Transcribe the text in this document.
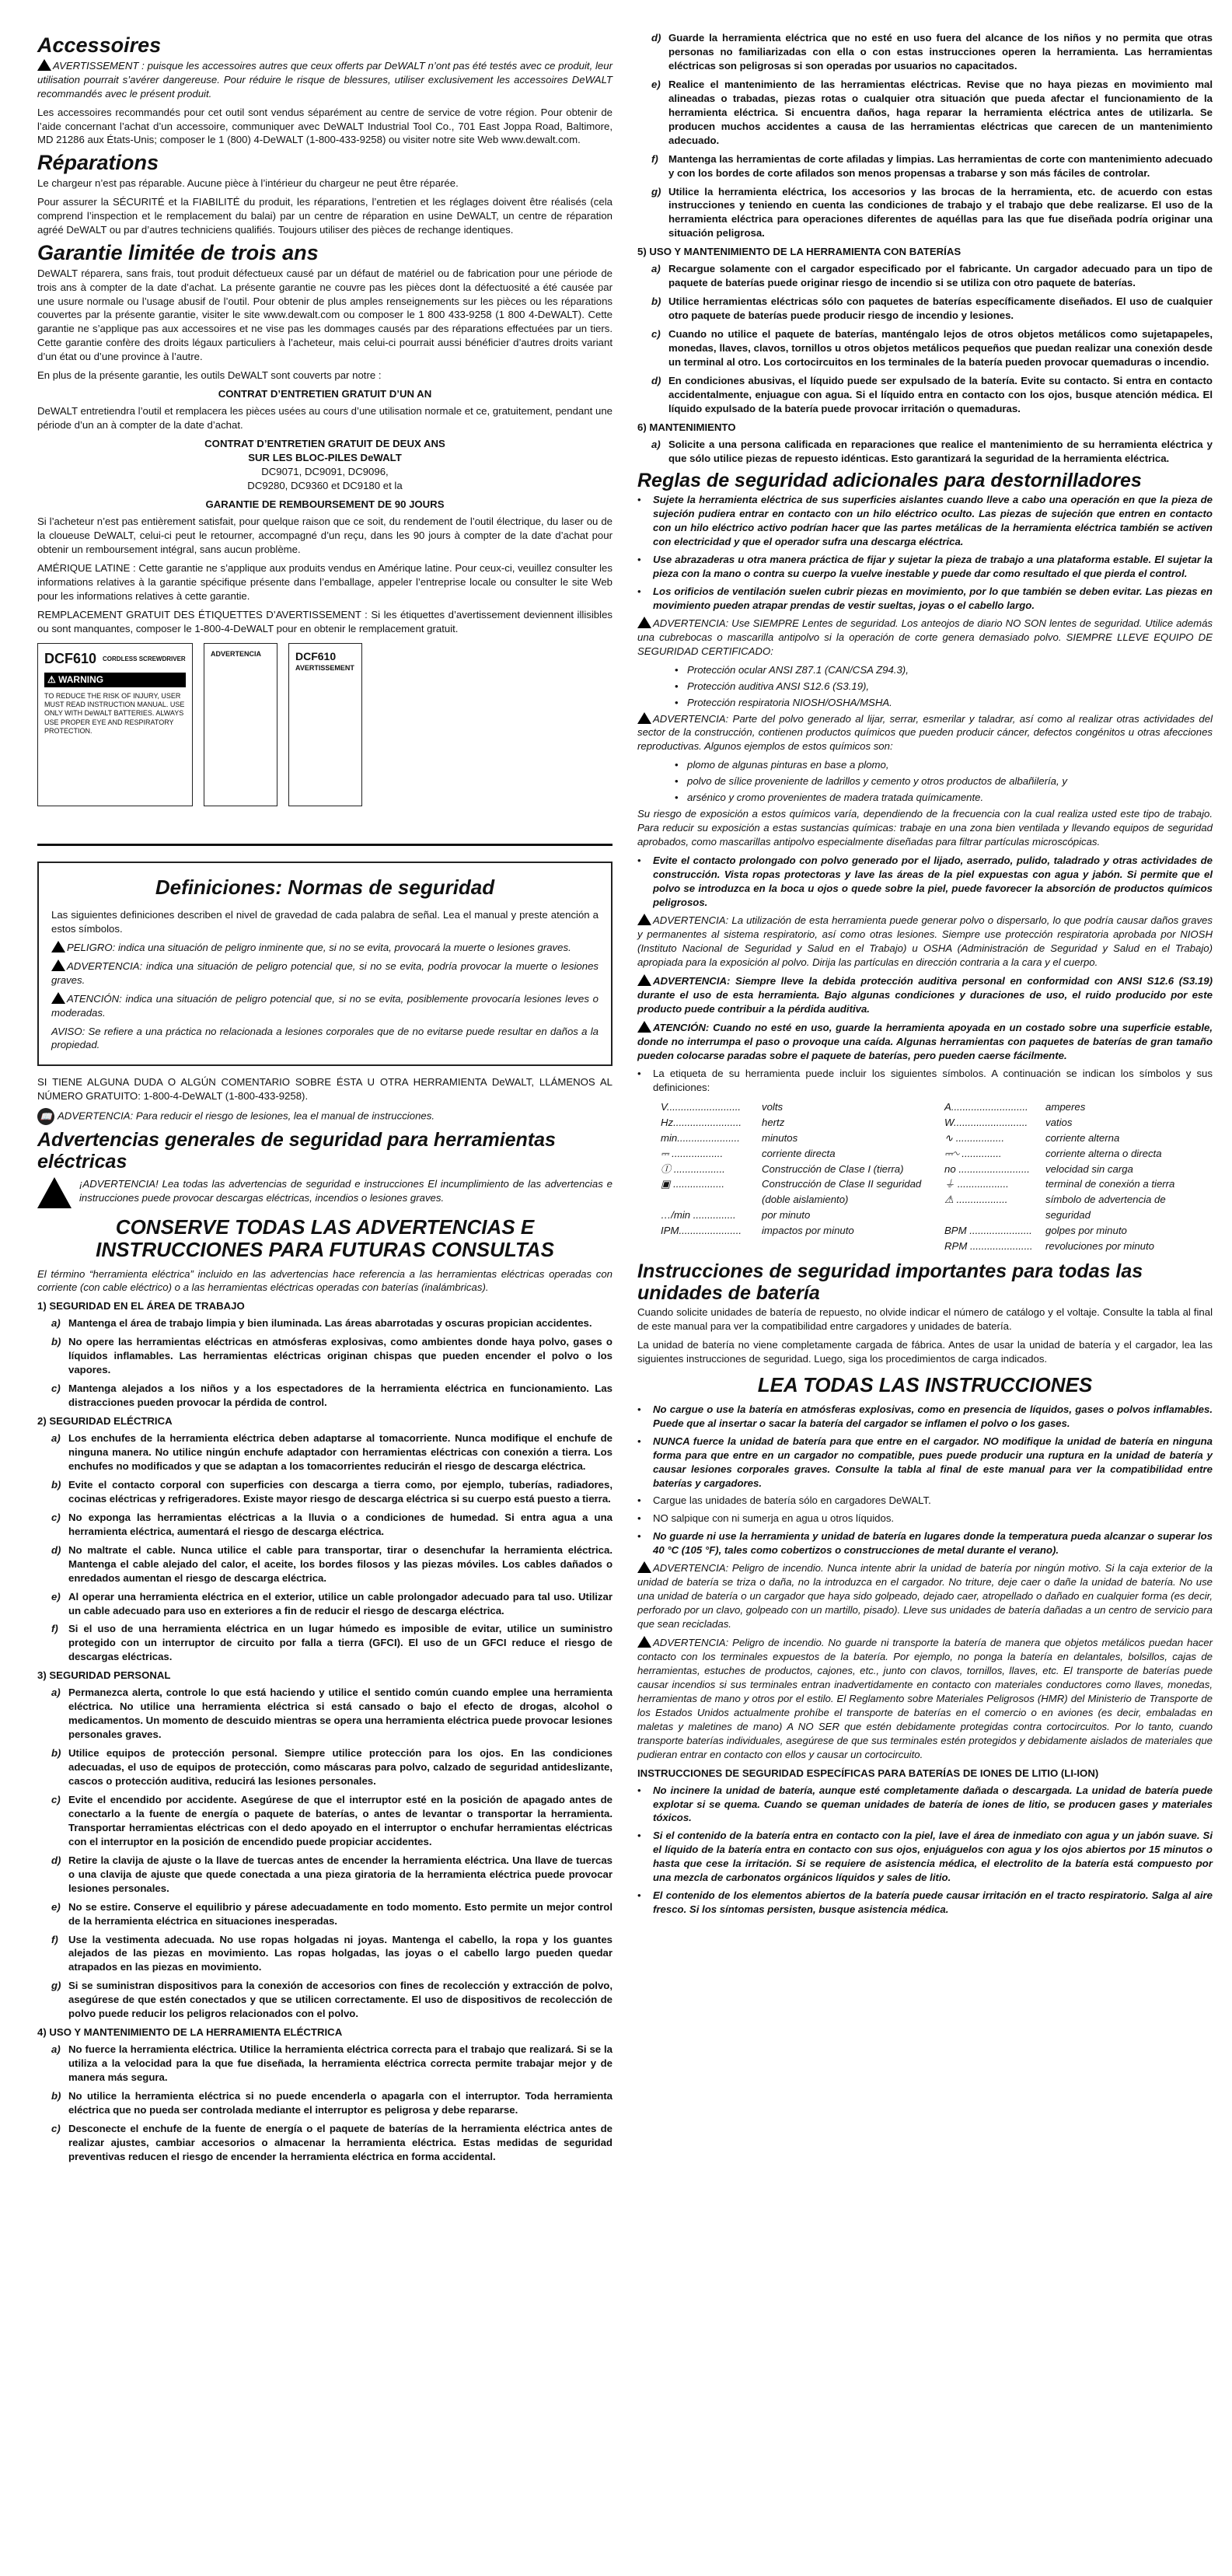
Accessoires

AVERTISSEMENT : puisque les accessoires autres que ceux offerts par DeWALT n’ont pas été testés avec ce produit, leur utilisation pourrait s’avérer dangereuse. Pour réduire le risque de blessures, utiliser exclusivement les accessoires DeWALT recommandés avec le présent produit.

Les accessoires recommandés pour cet outil sont vendus séparément au centre de service de votre région. Pour obtenir de l’aide concernant l’achat d’un accessoire, communiquer avec DeWALT Industrial Tool Co., 701 East Joppa Road, Baltimore, MD 21286 aux États-Unis; composer le 1 (800) 4-DeWALT (1-800-433-9258) ou visiter notre site Web www.dewalt.com.

Réparations

Le chargeur n’est pas réparable. Aucune pièce à l’intérieur du chargeur ne peut être réparée.

Pour assurer la SÉCURITÉ et la FIABILITÉ du produit, les réparations, l’entretien et les réglages doivent être réalisés (cela comprend l’inspection et le remplacement du balai) par un centre de réparation en usine DeWALT, un centre de réparation agréé DeWALT ou par d’autres techniciens qualifiés. Toujours utiliser des pièces de rechange identiques.

Garantie limitée de trois ans

DeWALT réparera, sans frais, tout produit défectueux causé par un défaut de matériel ou de fabrication pour une période de trois ans à compter de la date d’achat. La présente garantie ne couvre pas les pièces dont la défectuosité a été causée par une usure normale ou l’usage abusif de l’outil. Pour obtenir de plus amples renseignements sur les pièces ou les réparations couvertes par la présente garantie, visiter le site www.dewalt.com ou composer le 1 800 433-9258 (1 800 4-DeWALT). Cette garantie ne s’applique pas aux accessoires et ne vise pas les dommages causés par des réparations effectuées par un tiers. Cette garantie confère des droits légaux particuliers à l’acheteur, mais celui-ci pourrait aussi bénéficier d’autres droits variant d’un état ou d’une province à l’autre.

En plus de la présente garantie, les outils DeWALT sont couverts par notre :

CONTRAT D’ENTRETIEN GRATUIT D’UN AN

DeWALT entretiendra l’outil et remplacera les pièces usées au cours d’une utilisation normale et ce, gratuitement, pendant une période d’un an à compter de la date d’achat.

CONTRAT D’ENTRETIEN GRATUIT DE DEUX ANS
SUR LES BLOC-PILES DeWALT
DC9071, DC9091, DC9096,
DC9280, DC9360 et DC9180 et la
GARANTIE DE REMBOURSEMENT DE 90 JOURS

Si l’acheteur n’est pas entièrement satisfait, pour quelque raison que ce soit, du rendement de l’outil électrique, du laser ou de la cloueuse DeWALT, celui-ci peut le retourner, accompagné d’un reçu, dans les 90 jours à compter de la date d’achat pour obtenir un remboursement intégral, sans aucun problème.

AMÉRIQUE LATINE : Cette garantie ne s’applique aux produits vendus en Amérique latine. Pour ceux-ci, veuillez consulter les informations relatives à la garantie spécifique présente dans l’emballage, appeler l’entreprise locale ou consulter le site Web pour les informations relatives à cette garantie.

REMPLACEMENT GRATUIT DES ÉTIQUETTES D’AVERTISSEMENT : Si les étiquettes d’avertissement deviennent illisibles ou sont manquantes, composer le 1-800-4-DeWALT pour en obtenir le remplacement gratuit.

DCF610 CORDLESS SCREWDRIVER
⚠ WARNING
TO REDUCE THE RISK OF INJURY, USER MUST READ INSTRUCTION MANUAL. USE ONLY WITH DeWALT BATTERIES. ALWAYS USE PROPER EYE AND RESPIRATORY PROTECTION.
ADVERTENCIA	DCF610
AVERTISSEMENT
Definiciones: Normas de seguridad

Las siguientes definiciones describen el nivel de gravedad de cada palabra de señal. Lea el manual y preste atención a estos símbolos.

PELIGRO: indica una situación de peligro inminente que, si no se evita, provocará la muerte o lesiones graves.

ADVERTENCIA: indica una situación de peligro potencial que, si no se evita, podría provocar la muerte o lesiones graves.

ATENCIÓN: indica una situación de peligro potencial que, si no se evita, posiblemente provocaría lesiones leves o moderadas.

AVISO: Se refiere a una práctica no relacionada a lesiones corporales que de no evitarse puede resultar en daños a la propiedad.

SI TIENE ALGUNA DUDA O ALGÚN COMENTARIO SOBRE ÉSTA U OTRA HERRAMIENTA DeWALT, LLÁMENOS AL NÚMERO GRATUITO: 1-800-4-DeWALT (1-800-433-9258).

📖 ADVERTENCIA: Para reducir el riesgo de lesiones, lea el manual de instrucciones.

Advertencias generales de seguridad para herramientas eléctricas

¡ADVERTENCIA! Lea todas las advertencias de seguridad e instrucciones El incumplimiento de las advertencias e instrucciones puede provocar descargas eléctricas, incendios o lesiones graves.

CONSERVE TODAS LAS ADVERTENCIAS E INSTRUCCIONES PARA FUTURAS CONSULTAS

El término “herramienta eléctrica” incluido en las advertencias hace referencia a las herramientas eléctricas operadas con corriente (con cable eléctrico) o a las herramientas eléctricas operadas con baterías (inalámbricas).

1) SEGURIDAD EN EL ÁREA DE TRABAJO
a) Mantenga el área de trabajo limpia y bien iluminada. Las áreas abarrotadas y oscuras propician accidentes.
b) No opere las herramientas eléctricas en atmósferas explosivas, como ambientes donde haya polvo, gases o líquidos inflamables. Las herramientas eléctricas originan chispas que pueden encender el polvo o los vapores.
c) Mantenga alejados a los niños y a los espectadores de la herramienta eléctrica en funcionamiento. Las distracciones pueden provocar la pérdida de control.
2) SEGURIDAD ELÉCTRICA
a) Los enchufes de la herramienta eléctrica deben adaptarse al tomacorriente. Nunca modifique el enchufe de ninguna manera. No utilice ningún enchufe adaptador con herramientas eléctricas con conexión a tierra. Los enchufes no modificados y que se adaptan a los tomacorrientes reducirán el riesgo de descarga eléctrica.
b) Evite el contacto corporal con superficies con descarga a tierra como, por ejemplo, tuberías, radiadores, cocinas eléctricas y refrigeradores. Existe mayor riesgo de descarga eléctrica si su cuerpo está puesto a tierra.
c) No exponga las herramientas eléctricas a la lluvia o a condiciones de humedad. Si entra agua a una herramienta eléctrica, aumentará el riesgo de descarga eléctrica.
d) No maltrate el cable. Nunca utilice el cable para transportar, tirar o desenchufar la herramienta eléctrica. Mantenga el cable alejado del calor, el aceite, los bordes filosos y las piezas móviles. Los cables dañados o enredados aumentan el riesgo de descarga eléctrica.
e) Al operar una herramienta eléctrica en el exterior, utilice un cable prolongador adecuado para tal uso. Utilizar un cable adecuado para uso en exteriores a fin de reducir el riesgo de descarga eléctrica.
f)	Si el uso de una herramienta eléctrica en un lugar húmedo es imposible de evitar, utilice un suministro protegido con un interruptor de circuito por falla a tierra (GFCI). El uso de un GFCI reduce el riesgo de descargas eléctricas.
3) SEGURIDAD PERSONAL
a) Permanezca alerta, controle lo que está haciendo y utilice el sentido común cuando emplee una herramienta eléctrica. No utilice una herramienta eléctrica si está cansado o bajo el efecto de drogas, alcohol o medicamentos. Un momento de descuido mientras se opera una herramienta eléctrica puede provocar lesiones personales graves.
b) Utilice equipos de protección personal. Siempre utilice protección para los ojos. En las condiciones adecuadas, el uso de equipos de protección, como máscaras para polvo, calzado de seguridad antideslizante, cascos o protección auditiva, reducirá las lesiones personales.
c) Evite el encendido por accidente. Asegúrese de que el interruptor esté en la posición de apagado antes de conectarlo a la fuente de energía o paquete de baterías, o antes de levantar o transportar la herramienta. Transportar herramientas eléctricas con el dedo apoyado en el interruptor o enchufar herramientas eléctricas con el interruptor en la posición de encendido puede propiciar accidentes.
d) Retire la clavija de ajuste o la llave de tuercas antes de encender la herramienta eléctrica. Una llave de tuercas o una clavija de ajuste que quede conectada a una pieza giratoria de la herramienta eléctrica puede provocar lesiones personales.
e) No se estire. Conserve el equilibrio y párese adecuadamente en todo momento. Esto permite un mejor control de la herramienta eléctrica en situaciones inesperadas.
f)	Use la vestimenta adecuada. No use ropas holgadas ni joyas. Mantenga el cabello, la ropa y los guantes alejados de las piezas en movimiento. Las ropas holgadas, las joyas o el cabello largo pueden quedar atrapados en las piezas en movimiento.
g) Si se suministran dispositivos para la conexión de accesorios con fines de recolección y extracción de polvo, asegúrese de que estén conectados y que se utilicen correctamente. El uso de dispositivos de recolección de polvo puede reducir los peligros relacionados con el polvo.
4) USO Y MANTENIMIENTO DE LA HERRAMIENTA ELÉCTRICA
a) No fuerce la herramienta eléctrica. Utilice la herramienta eléctrica correcta para el trabajo que realizará. Si se la utiliza a la velocidad para la que fue diseñada, la herramienta eléctrica correcta permite trabajar mejor y de manera más segura.
b) No utilice la herramienta eléctrica si no puede encenderla o apagarla con el interruptor. Toda herramienta eléctrica que no pueda ser controlada mediante el interruptor es peligrosa y debe repararse.
c) Desconecte el enchufe de la fuente de energía o el paquete de baterías de la herramienta eléctrica antes de realizar ajustes, cambiar accesorios o almacenar la herramienta eléctrica. Estas medidas de seguridad preventivas reducen el riesgo de encender la herramienta eléctrica en forma accidental.
d) Guarde la herramienta eléctrica que no esté en uso fuera del alcance de los niños y no permita que otras personas no familiarizadas con ella o con estas instrucciones operen la herramienta. Las herramientas eléctricas son peligrosas si son operadas por usuarios no capacitados.
e) Realice el mantenimiento de las herramientas eléctricas. Revise que no haya piezas en movimiento mal alineadas o trabadas, piezas rotas o cualquier otra situación que pueda afectar el funcionamiento de la herramienta eléctrica. Si encuentra daños, haga reparar la herramienta eléctrica antes de utilizarla. Se producen muchos accidentes a causa de las herramientas eléctricas que carecen de un mantenimiento adecuado.
f)	Mantenga las herramientas de corte afiladas y limpias. Las herramientas de corte con mantenimiento adecuado y con los bordes de corte afilados son menos propensas a trabarse y son más fáciles de controlar.
g) Utilice la herramienta eléctrica, los accesorios y las brocas de la herramienta, etc. de acuerdo con estas instrucciones y teniendo en cuenta las condiciones de trabajo y el trabajo que debe realizarse. El uso de la herramienta eléctrica para operaciones diferentes de aquéllas para las que fue diseñada podría originar una situación peligrosa.
5) USO Y MANTENIMIENTO DE LA HERRAMIENTA CON BATERÍAS
a) Recargue solamente con el cargador especificado por el fabricante. Un cargador adecuado para un tipo de paquete de baterías puede originar riesgo de incendio si se utiliza con otro paquete de baterías.
b) Utilice herramientas eléctricas sólo con paquetes de baterías específicamente diseñados. El uso de cualquier otro paquete de baterías puede producir riesgo de incendio y lesiones.
c) Cuando no utilice el paquete de baterías, manténgalo lejos de otros objetos metálicos como sujetapapeles, monedas, llaves, clavos, tornillos u otros objetos metálicos pequeños que puedan realizar una conexión desde un terminal al otro. Los cortocircuitos en los terminales de la batería pueden provocar quemaduras o incendio.
d) En condiciones abusivas, el líquido puede ser expulsado de la batería. Evite su contacto. Si entra en contacto accidentalmente, enjuague con agua. Si el líquido entra en contacto con los ojos, busque atención médica. El líquido expulsado de la batería puede provocar irritación o quemaduras.
6) MANTENIMIENTO
a) Solicite a una persona calificada en reparaciones que realice el mantenimiento de su herramienta eléctrica y que sólo utilice piezas de repuesto idénticas. Esto garantizará la seguridad de la herramienta eléctrica.
Reglas de seguridad adicionales para destornilladores
•	Sujete la herramienta eléctrica de sus superficies aislantes cuando lleve a cabo una operación en que la pieza de sujeción pudiera entrar en contacto con un hilo eléctrico oculto. Las piezas de sujeción que entren en contacto con un hilo eléctrico activo podrían hacer que las partes metálicas de la herramienta eléctrica también se activen con electricidad y que el operador sufra una descarga eléctrica.
•	Use abrazaderas u otra manera práctica de fijar y sujetar la pieza de trabajo a una plataforma estable. El sujetar la pieza con la mano o contra su cuerpo la vuelve inestable y puede dar como resultado el que pierda el control.
•	Los orificios de ventilación suelen cubrir piezas en movimiento, por lo que también se deben evitar. Las piezas en movimiento pueden atrapar prendas de vestir sueltas, joyas o el cabello largo.

ADVERTENCIA: Use SIEMPRE Lentes de seguridad. Los anteojos de diario NO SON lentes de seguridad. Utilice además una cubrebocas o mascarilla antipolvo si la operación de corte genera demasiado polvo. SIEMPRE LLEVE EQUIPO DE SEGURIDAD CERTIFICADO:

• Protección ocular ANSI Z87.1 (CAN/CSA Z94.3),
• Protección auditiva ANSI S12.6 (S3.19),
• Protección respiratoria NIOSH/OSHA/MSHA.

ADVERTENCIA: Parte del polvo generado al lijar, serrar, esmerilar y taladrar, así como al realizar otras actividades del sector de la construcción, contienen productos químicos que pueden producir cáncer, defectos congénitos u otras afecciones reproductivas. Algunos ejemplos de estos químicos son:

• plomo de algunas pinturas en base a plomo,
• polvo de sílice proveniente de ladrillos y cemento y otros productos de albañilería, y
• arsénico y cromo provenientes de madera tratada químicamente.

Su riesgo de exposición a estos químicos varía, dependiendo de la frecuencia con la cual realiza usted este tipo de trabajo. Para reducir su exposición a estas sustancias químicas: trabaje en una zona bien ventilada y llevando equipos de seguridad aprobados, como mascarillas antipolvo especialmente diseñadas para filtrar partículas microscópicas.

•	Evite el contacto prolongado con polvo generado por el lijado, aserrado, pulido, taladrado y otras actividades de construcción. Vista ropas protectoras y lave las áreas de la piel expuestas con agua y jabón. Si permite que el polvo se introduzca en la boca u ojos o quede sobre la piel, puede favorecer la absorción de productos químicos peligrosos.

ADVERTENCIA: La utilización de esta herramienta puede generar polvo o dispersarlo, lo que podría causar daños graves y permanentes al sistema respiratorio, así como otras lesiones. Siempre use protección respiratoria aprobada por NIOSH (Instituto Nacional de Seguridad y Salud en el Trabajo) u OSHA (Administración de Seguridad y Salud en el Trabajo) apropiada para la exposición al polvo. Dirija las partículas en dirección contraria a la cara y el cuerpo.

ADVERTENCIA: Siempre lleve la debida protección auditiva personal en conformidad con ANSI S12.6 (S3.19) durante el uso de esta herramienta. Bajo algunas condiciones y duraciones de uso, el ruido producido por este producto puede contribuir a la pérdida auditiva.

ATENCIÓN: Cuando no esté en uso, guarde la herramienta apoyada en un costado sobre una superficie estable, donde no interrumpa el paso o provoque una caída. Algunas herramientas con paquetes de baterías de gran tamaño pueden colocarse paradas sobre el paquete de baterías, pero pueden caerse fácilmente.

•	La etiqueta de su herramienta puede incluir los siguientes símbolos. A continuación se indican los símbolos y sus definiciones:
V..........................	volts
Hz........................	hertz
min......................	minutos
⎓ ..................	corriente directa
Ⓘ ..................	Construcción de Clase I (tierra)
▣ ..................	Construcción de Clase II seguridad (doble aislamiento)
…/min ...............	por minuto
IPM......................	impactos por minuto
A...........................	amperes
W..........................	vatios
∿ .................	corriente alterna
⎓∿ ..............	corriente alterna o directa
no .........................	velocidad sin carga
⏚ ..................	terminal de conexión a tierra
⚠ ..................	símbolo de advertencia de seguridad
BPM ......................	golpes por minuto
RPM ......................	revoluciones por minuto
Instrucciones de seguridad importantes para todas las unidades de batería

Cuando solicite unidades de batería de repuesto, no olvide indicar el número de catálogo y el voltaje. Consulte la tabla al final de este manual para ver la compatibilidad entre cargadores y unidades de batería.

La unidad de batería no viene completamente cargada de fábrica. Antes de usar la unidad de batería y el cargador, lea las siguientes instrucciones de seguridad. Luego, siga los procedimientos de carga indicados.

LEA TODAS LAS INSTRUCCIONES
•	No cargue o use la batería en atmósferas explosivas, como en presencia de líquidos, gases o polvos inflamables. Puede que al insertar o sacar la batería del cargador se inflamen el polvo o los gases.
•	NUNCA fuerce la unidad de batería para que entre en el cargador. NO modifique la unidad de batería en ninguna forma para que entre en un cargador no compatible, pues puede producir una ruptura en la unidad de batería y causar lesiones corporales graves. Consulte la tabla al final de este manual para ver la compatibilidad entre baterías y cargadores.
•	Cargue las unidades de batería sólo en cargadores DeWALT.
•	NO salpique con ni sumerja en agua u otros líquidos.
•	No guarde ni use la herramienta y unidad de batería en lugares donde la temperatura pueda alcanzar o superar los 40 °C (105 °F), tales como cobertizos o construcciones de metal durante el verano).

ADVERTENCIA: Peligro de incendio. Nunca intente abrir la unidad de batería por ningún motivo. Si la caja exterior de la unidad de batería se triza o daña, no la introduzca en el cargador. No triture, deje caer o dañe la unidad de batería. No use una unidad de batería o un cargador que haya sido golpeado, dejado caer, atropellado o dañado en cualquier forma (es decir, perforado por un clavo, golpeado con un martillo, pisado). Lleve sus unidades de batería dañadas a un centro de servicio para que sean recicladas.

ADVERTENCIA: Peligro de incendio. No guarde ni transporte la batería de manera que objetos metálicos puedan hacer contacto con los terminales expuestos de la batería. Por ejemplo, no ponga la batería en delantales, bolsillos, cajas de herramientas, estuches de productos, cajones, etc., junto con clavos, tornillos, llaves, etc. El transporte de baterías puede causar incendios si sus terminales entran inadvertidamente en contacto con materiales conductores como llaves, monedas, herramientas de mano y otros por el estilo. El Reglamento sobre Materiales Peligrosos (HMR) del Ministerio de Transporte de los Estados Unidos actualmente prohíbe el transporte de baterías en el comercio o en aviones (es decir, embaladas en maletas y maletines de mano) A NO SER que estén debidamente protegidas contra cortocircuitos. Por lo tanto, cuando transporte baterías individuales, asegúrese de que sus terminales estén protegidos y debidamente aislados de materiales que pudieran entrar en contacto con ellos y causar un cortocircuito.

INSTRUCCIONES DE SEGURIDAD ESPECÍFICAS PARA BATERÍAS DE IONES DE LITIO (LI-ION)
•	No incinere la unidad de batería, aunque esté completamente dañada o descargada. La unidad de batería puede explotar si se quema. Cuando se queman unidades de batería de iones de litio, se producen gases y materiales tóxicos.
•	Si el contenido de la batería entra en contacto con la piel, lave el área de inmediato con agua y un jabón suave. Si el líquido de la batería entra en contacto con sus ojos, enjuáguelos con agua y los ojos abiertos por 15 minutos o hasta que cese la irritación. Si se requiere de asistencia médica, el electrolito de la batería está compuesto por una mezcla de carbonatos orgánicos líquidos y sales de litio.
•	El contenido de los elementos abiertos de la batería puede causar irritación en el tracto respiratorio. Salga al aire fresco. Si los síntomas persisten, busque asistencia médica.
